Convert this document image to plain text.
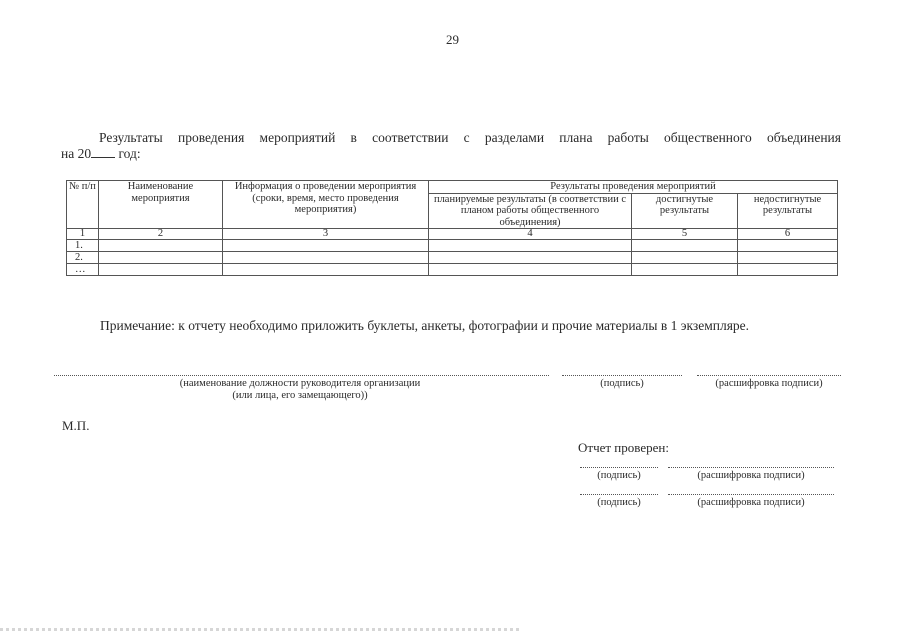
29
Результаты проведения мероприятий в соответствии с разделами плана работы общественного объединения
на 20 год:
№ п/п	Наименование мероприятия	Информация о проведении мероприятия (сроки, время, место проведения мероприятия)	Результаты проведения мероприятий		
			планируемые результаты (в соответствии с планом работы общественного объединения)	достигнутые результаты	недостигнутые результаты
1	2	3	4	5	6
1.					
2.					
…					
Примечание: к отчету необходимо приложить буклеты, анкеты, фотографии и прочие материалы в 1 экземпляре.
(наименование должности руководителя организации
(или лица, его замещающего))
(подпись)	(расшифровка подписи)
М.П.
Отчет проверен:
(подпись)	(расшифровка подписи)
(подпись)	(расшифровка подписи)
